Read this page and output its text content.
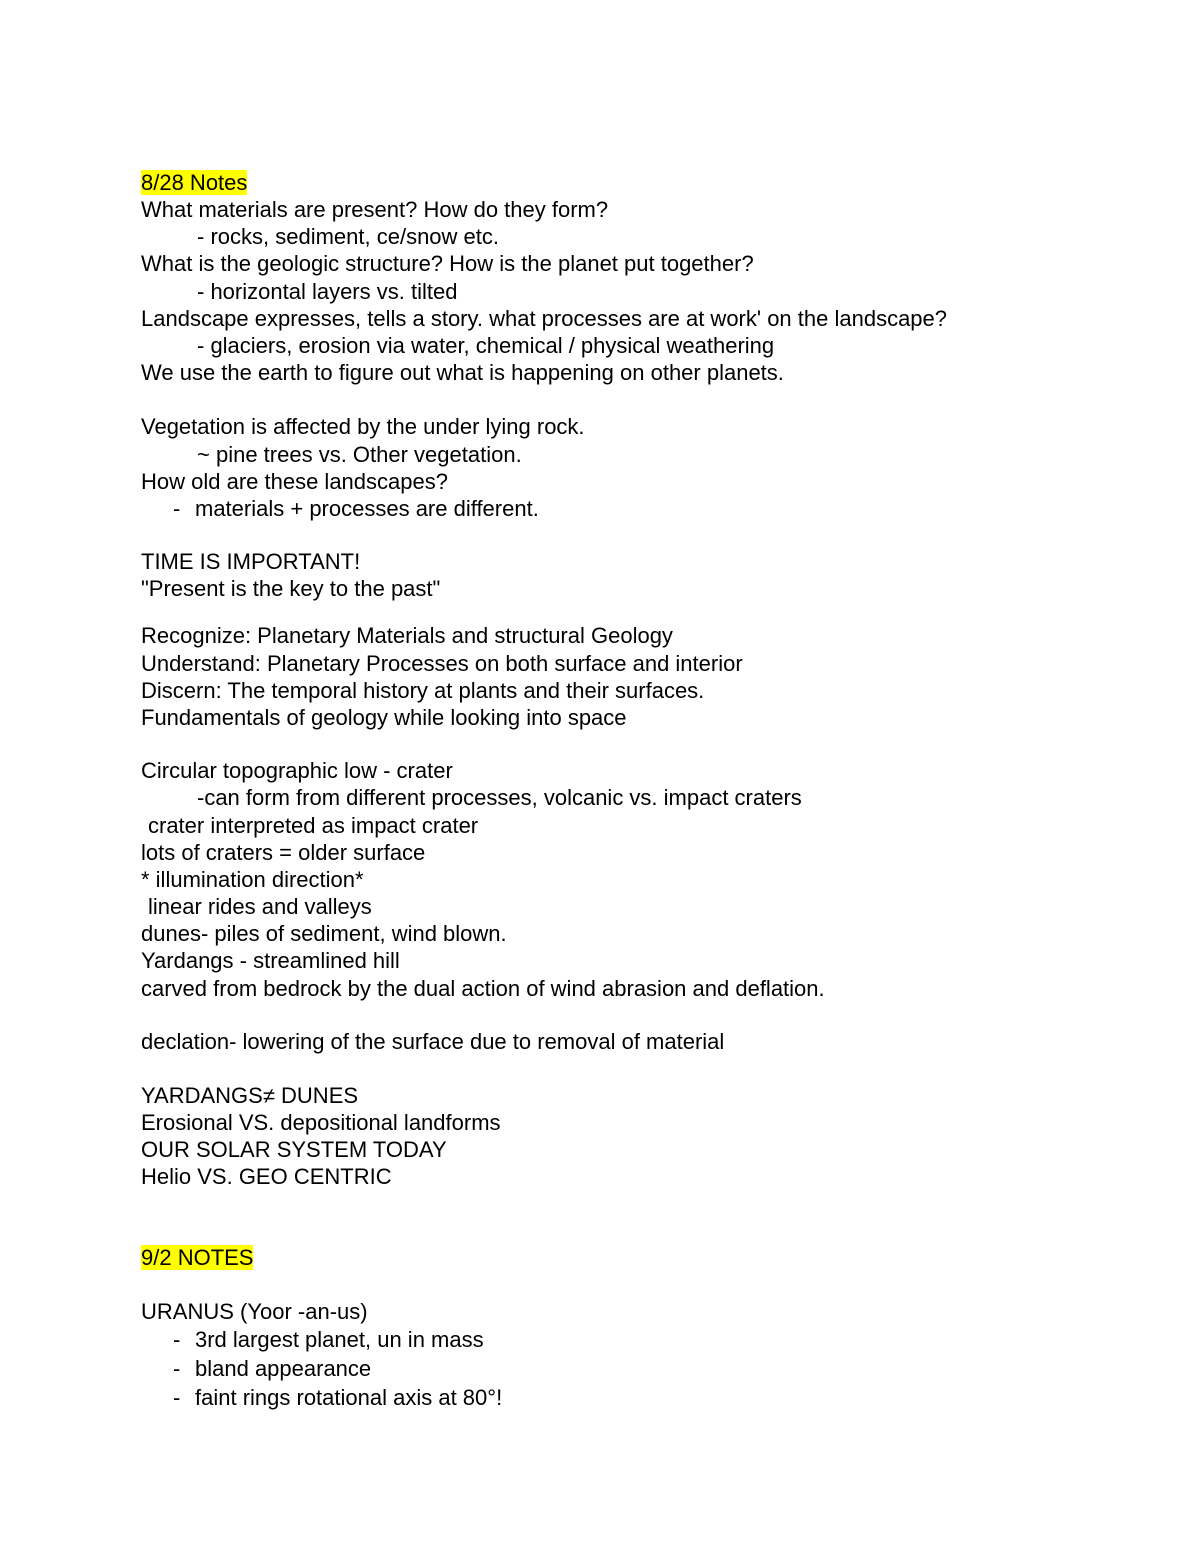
8/28 Notes
What materials are present? How do they form?
- rocks, sediment, ce/snow etc.
What is the geologic structure? How is the planet put together?
- horizontal layers vs. tilted
Landscape expresses, tells a story. what processes are at work' on the landscape?
- glaciers, erosion via water, chemical / physical weathering
We use the earth to figure out what is happening on other planets.
Vegetation is affected by the under lying rock.
~ pine trees vs. Other vegetation.
How old are these landscapes?
- materials + processes are different.
TIME IS IMPORTANT!
"Present is the key to the past"
Recognize: Planetary Materials and structural Geology
Understand: Planetary Processes on both surface and interior
Discern: The temporal history at plants and their surfaces.
Fundamentals of geology while looking into space
Circular topographic low - crater
-can form from different processes, volcanic vs. impact craters
crater interpreted as impact crater
lots of craters = older surface
* illumination direction*
linear rides and valleys
dunes- piles of sediment, wind blown.
Yardangs - streamlined hill
carved from bedrock by the dual action of wind abrasion and deflation.
declation- lowering of the surface due to removal of material
YARDANGS≠ DUNES
Erosional VS. depositional landforms
OUR SOLAR SYSTEM TODAY
Helio VS. GEO CENTRIC
9/2 NOTES
URANUS (Yoor -an-us)
- 3rd largest planet, un in mass
- bland appearance
- faint rings rotational axis at 80°!
